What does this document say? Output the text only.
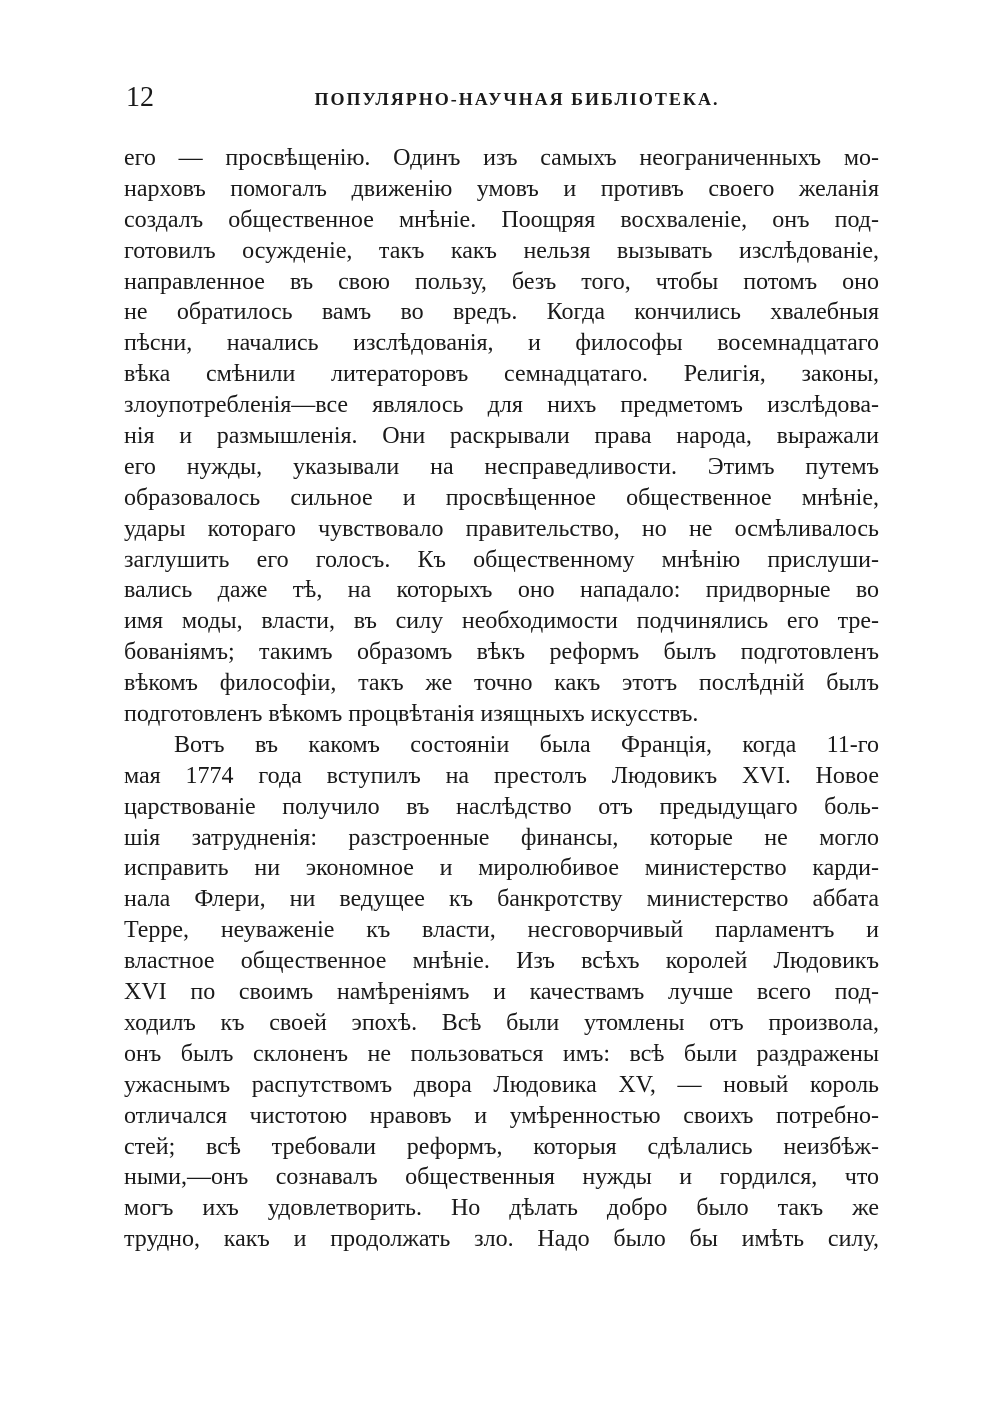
12	ПОПУЛЯРНО-НАУЧНАЯ БИБЛІОТЕКА.
его — просвѣщенію. Одинъ изъ самыхъ неограниченныхъ мо-
нарховъ помогалъ движенію умовъ и противъ своего желанія
создалъ общественное мнѣніе. Поощряя восхваленіе, онъ под-
готовилъ осужденіе, такъ какъ нельзя вызывать изслѣдованіе,
направленное въ свою пользу, безъ того, чтобы потомъ оно
не обратилось вамъ во вредъ. Когда кончились хвалебныя
пѣсни, начались изслѣдованія, и философы восемнадцатаго
вѣка смѣнили литераторовъ семнадцатаго. Религія, законы,
злоупотребленія—все являлось для нихъ предметомъ изслѣдова-
нія и размышленія. Они раскрывали права народа, выражали
его нужды, указывали на несправедливости. Этимъ путемъ
образовалось сильное и просвѣщенное общественное мнѣніе,
удары котораго чувствовало правительство, но не осмѣливалось
заглушить его голосъ. Къ общественному мнѣнію прислуши-
вались даже тѣ, на которыхъ оно нападало: придворные во
имя моды, власти, въ силу необходимости подчинялись его тре-
бованіямъ; такимъ образомъ вѣкъ реформъ былъ подготовленъ
вѣкомъ философіи, такъ же точно какъ этотъ послѣдній былъ
подготовленъ вѣкомъ процвѣтанія изящныхъ искусствъ.
Вотъ въ какомъ состояніи была Франція, когда 11-го
мая 1774 года вступилъ на престолъ Людовикъ XVI. Новое
царствованіе получило въ наслѣдство отъ предыдущаго боль-
шія затрудненія: разстроенные финансы, которые не могло
исправить ни экономное и миролюбивое министерство карди-
нала Флери, ни ведущее къ банкротству министерство аббата
Терре, неуваженіе къ власти, несговорчивый парламентъ и
властное общественное мнѣніе. Изъ всѣхъ королей Людовикъ
XVI по своимъ намѣреніямъ и качествамъ лучше всего под-
ходилъ къ своей эпохѣ. Всѣ были утомлены отъ произвола,
онъ былъ склоненъ не пользоваться имъ: всѣ были раздражены
ужаснымъ распутствомъ двора Людовика XV, — новый король
отличался чистотою нравовъ и умѣренностью своихъ потребно-
стей; всѣ требовали реформъ, которыя сдѣлались неизбѣж-
ными,—онъ сознавалъ общественныя нужды и гордился, что
могъ ихъ удовлетворить. Но дѣлать добро было такъ же
трудно, какъ и продолжать зло. Надо было бы имѣть силу,
